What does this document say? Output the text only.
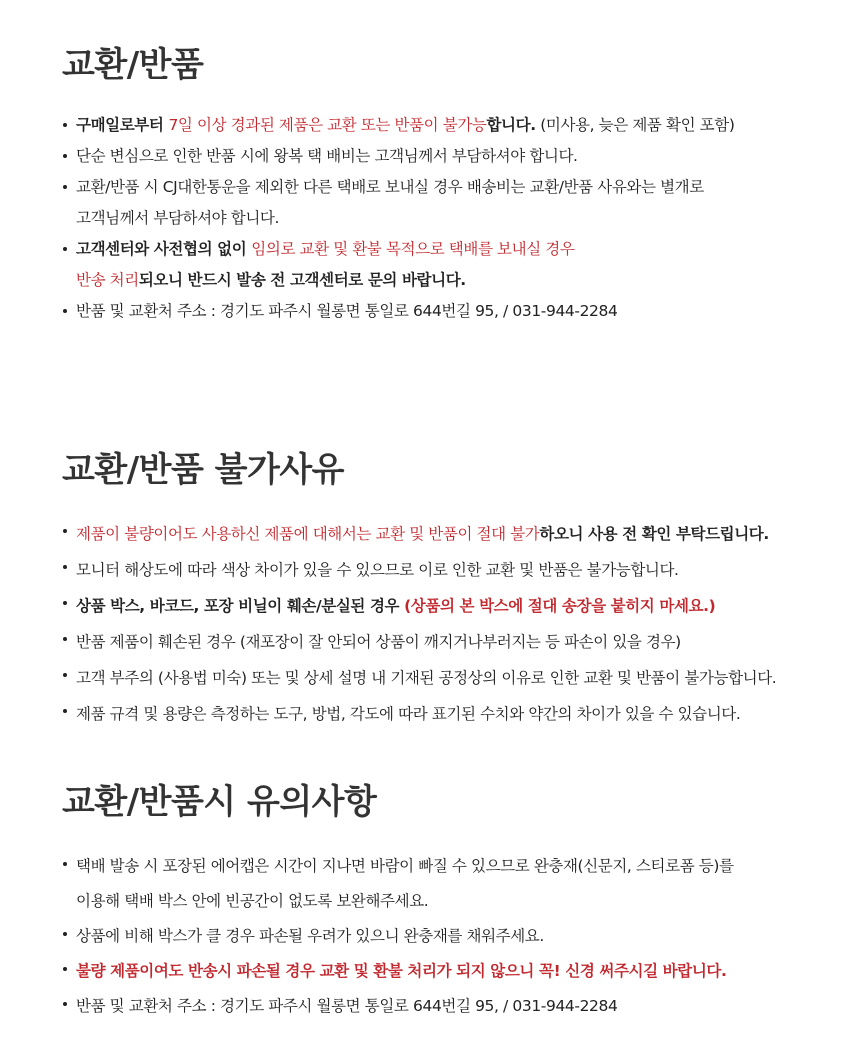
교환/반품
구매일로부터 7일 이상 경과된 제품은 교환 또는 반품이 불가능합니다. (미사용, 늦은 제품 확인 포함)
단순 변심으로 인한 반품 시에 왕복 택 배비는 고객님께서 부담하셔야 합니다.
교환/반품 시 CJ대한통운을 제외한 다른 택배로 보내실 경우 배송비는 교환/반품 사유와는 별개로
고객님께서 부담하셔야 합니다.
고객센터와 사전협의 없이 임의로 교환 및 환불 목적으로 택배를 보내실 경우
반송 처리되오니 반드시 발송 전 고객센터로 문의 바랍니다.
반품 및 교환처 주소 : 경기도 파주시 월롱면 통일로 644번길 95, / 031-944-2284
교환/반품 불가사유
제품이 불량이어도 사용하신 제품에 대해서는 교환 및 반품이 절대 불가하오니 사용 전 확인 부탁드립니다.
모니터 해상도에 따라 색상 차이가 있을 수 있으므로 이로 인한 교환 및 반품은 불가능합니다.
상품 박스, 바코드, 포장 비닐이 훼손/분실된 경우 (상품의 본 박스에 절대 송장을 붙히지 마세요.)
반품 제품이 훼손된 경우 (재포장이 잘 안되어 상품이 깨지거나부러지는 등 파손이 있을 경우)
고객 부주의 (사용법 미숙) 또는 및 상세 설명 내 기재된 공정상의 이유로 인한 교환 및 반품이 불가능합니다.
제품 규격 및 용량은 측정하는 도구, 방법, 각도에 따라 표기된 수치와 약간의 차이가 있을 수 있습니다.
교환/반품시 유의사항
택배 발송 시 포장된 에어캡은 시간이 지나면 바람이 빠질 수 있으므로 완충재(신문지, 스티로폼 등)를
이용해 택배 박스 안에 빈공간이 없도록 보완해주세요.
상품에 비해 박스가 클 경우 파손될 우려가 있으니 완충재를 채워주세요.
불량 제품이여도 반송시 파손될 경우 교환 및 환불 처리가 되지 않으니 꼭! 신경 써주시길 바랍니다.
반품 및 교환처 주소 : 경기도 파주시 월롱면 통일로 644번길 95, / 031-944-2284
